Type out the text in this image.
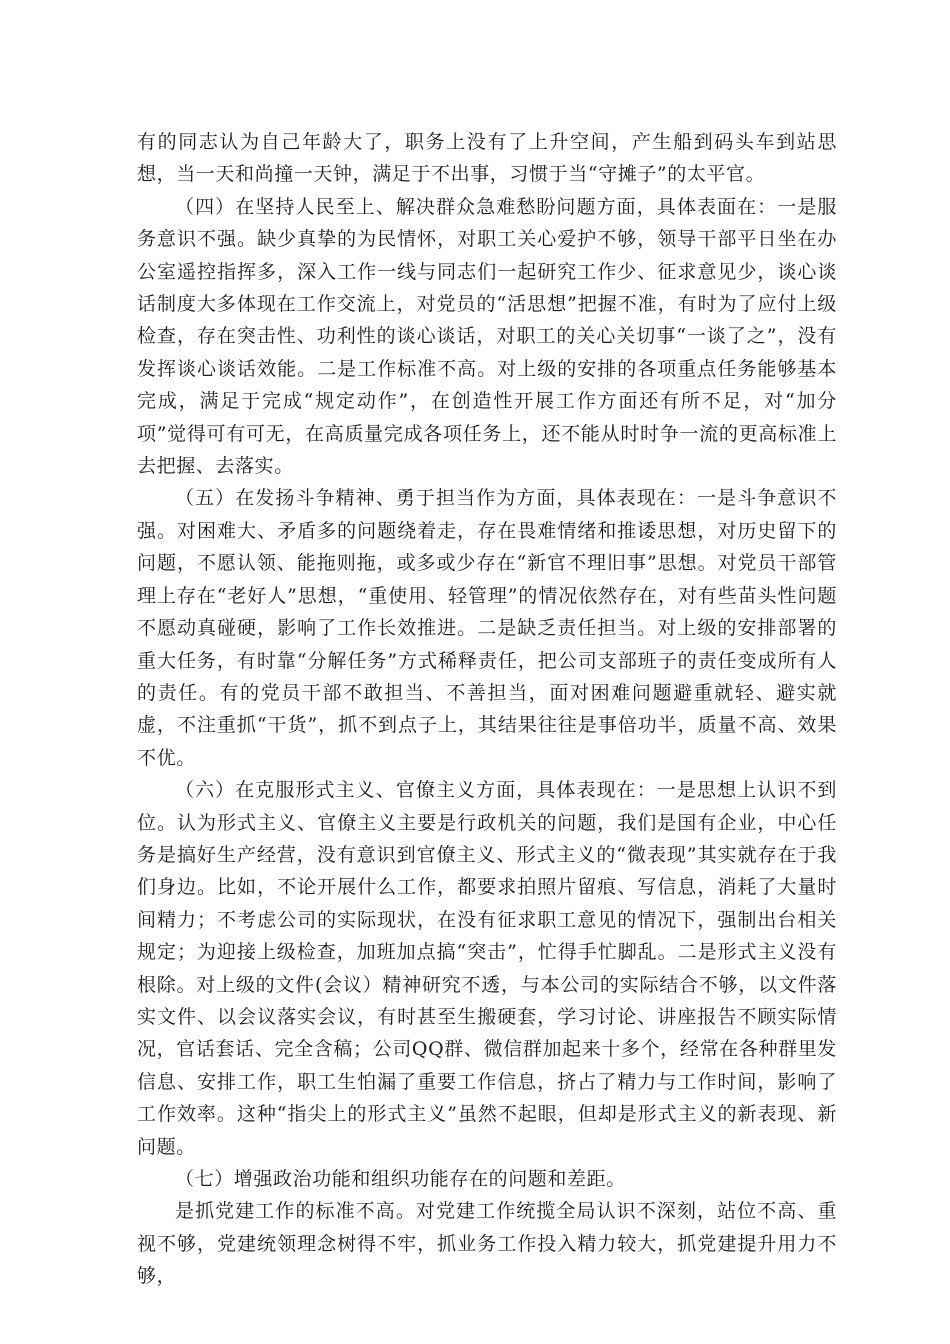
有的同志认为自己年龄大了，职务上没有了上升空间，产生船到码头车到站思想，当一天和尚撞一天钟，满足于不出事，习惯于当“守摊子”的太平官。

（四）在坚持人民至上、解决群众急难愁盼问题方面，具体表面在：一是服务意识不强。缺少真挚的为民情怀，对职工关心爱护不够，领导干部平日坐在办公室遥控指挥多，深入工作一线与同志们一起研究工作少、征求意见少，谈心谈话制度大多体现在工作交流上，对党员的“活思想”把握不准，有时为了应付上级检查，存在突击性、功利性的谈心谈话，对职工的关心关切事“一谈了之”，没有发挥谈心谈话效能。二是工作标准不高。对上级的安排的各项重点任务能够基本完成，满足于完成“规定动作”，在创造性开展工作方面还有所不足，对“加分项”觉得可有可无，在高质量完成各项任务上，还不能从时时争一流的更高标准上去把握、去落实。

（五）在发扬斗争精神、勇于担当作为方面，具体表现在：一是斗争意识不强。对困难大、矛盾多的问题绕着走，存在畏难情绪和推诿思想，对历史留下的问题，不愿认领、能拖则拖，或多或少存在“新官不理旧事”思想。对党员干部管理上存在“老好人”思想，“重使用、轻管理”的情况依然存在，对有些苗头性问题不愿动真碰硬，影响了工作长效推进。二是缺乏责任担当。对上级的安排部署的重大任务，有时靠“分解任务”方式稀释责任，把公司支部班子的责任变成所有人的责任。有的党员干部不敢担当、不善担当，面对困难问题避重就轻、避实就虚，不注重抓“干货”，抓不到点子上，其结果往往是事倍功半，质量不高、效果不优。

（六）在克服形式主义、官僚主义方面，具体表现在：一是思想上认识不到位。认为形式主义、官僚主义主要是行政机关的问题，我们是国有企业，中心任务是搞好生产经营，没有意识到官僚主义、形式主义的“微表现”其实就存在于我们身边。比如，不论开展什么工作，都要求拍照片留痕、写信息，消耗了大量时间精力；不考虑公司的实际现状，在没有征求职工意见的情况下，强制出台相关规定；为迎接上级检查，加班加点搞“突击”，忙得手忙脚乱。二是形式主义没有根除。对上级的文件(会议）精神研究不透，与本公司的实际结合不够，以文件落实文件、以会议落实会议，有时甚至生搬硬套，学习讨论、讲座报告不顾实际情况，官话套话、完全含稿；公司QQ群、微信群加起来十多个，经常在各种群里发信息、安排工作，职工生怕漏了重要工作信息，挤占了精力与工作时间，影响了工作效率。这种“指尖上的形式主义”虽然不起眼，但却是形式主义的新表现、新问题。

（七）增强政治功能和组织功能存在的问题和差距。

是抓党建工作的标准不高。对党建工作统揽全局认识不深刻，站位不高、重视不够，党建统领理念树得不牢，抓业务工作投入精力较大，抓党建提升用力不够，
